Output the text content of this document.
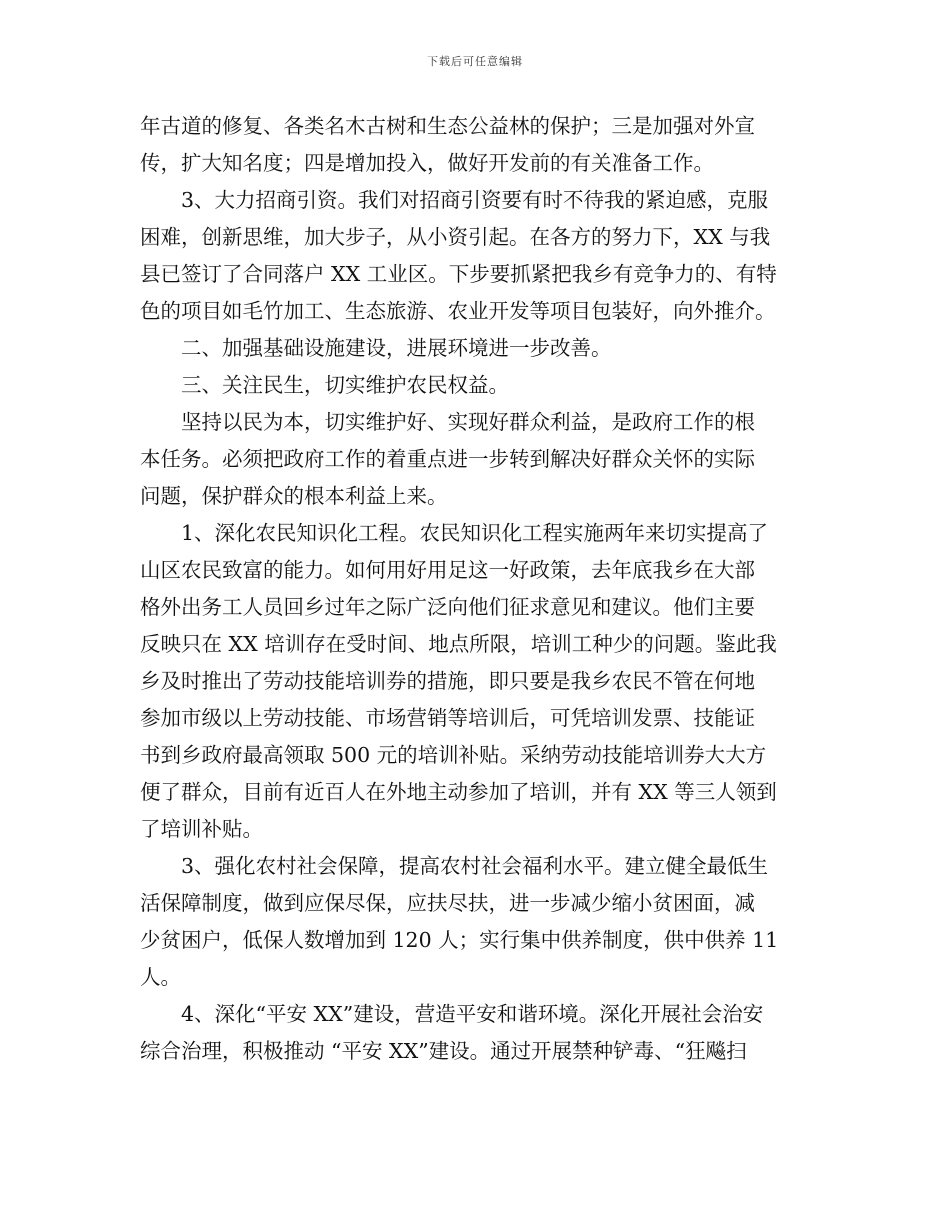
下载后可任意编辑
年古道的修复、各类名木古树和生态公益林的保护；三是加强对外宣
传，扩大知名度；四是增加投入，做好开发前的有关准备工作。
3、大力招商引资。我们对招商引资要有时不待我的紧迫感，克服
困难，创新思维，加大步子，从小资引起。在各方的努力下，XX 与我
县已签订了合同落户 XX 工业区。下步要抓紧把我乡有竞争力的、有特
色的项目如毛竹加工、生态旅游、农业开发等项目包装好，向外推介。
二、加强基础设施建设，进展环境进一步改善。
三、关注民生，切实维护农民权益。
坚持以民为本，切实维护好、实现好群众利益，是政府工作的根
本任务。必须把政府工作的着重点进一步转到解决好群众关怀的实际
问题，保护群众的根本利益上来。
1、深化农民知识化工程。农民知识化工程实施两年来切实提高了
山区农民致富的能力。如何用好用足这一好政策，去年底我乡在大部
格外出务工人员回乡过年之际广泛向他们征求意见和建议。他们主要
反映只在 XX 培训存在受时间、地点所限，培训工种少的问题。鉴此我
乡及时推出了劳动技能培训券的措施，即只要是我乡农民不管在何地
参加市级以上劳动技能、市场营销等培训后，可凭培训发票、技能证
书到乡政府最高领取 500 元的培训补贴。采纳劳动技能培训券大大方
便了群众，目前有近百人在外地主动参加了培训，并有 XX 等三人领到
了培训补贴。
3、强化农村社会保障，提高农村社会福利水平。建立健全最低生
活保障制度，做到应保尽保，应扶尽扶，进一步减少缩小贫困面，减
少贫困户，低保人数增加到 120 人；实行集中供养制度，供中供养 11
人。
4、深化“平安 XX”建设，营造平安和谐环境。深化开展社会治安
综合治理，积极推动 “平安 XX”建设。通过开展禁种铲毒、“狂飚扫
